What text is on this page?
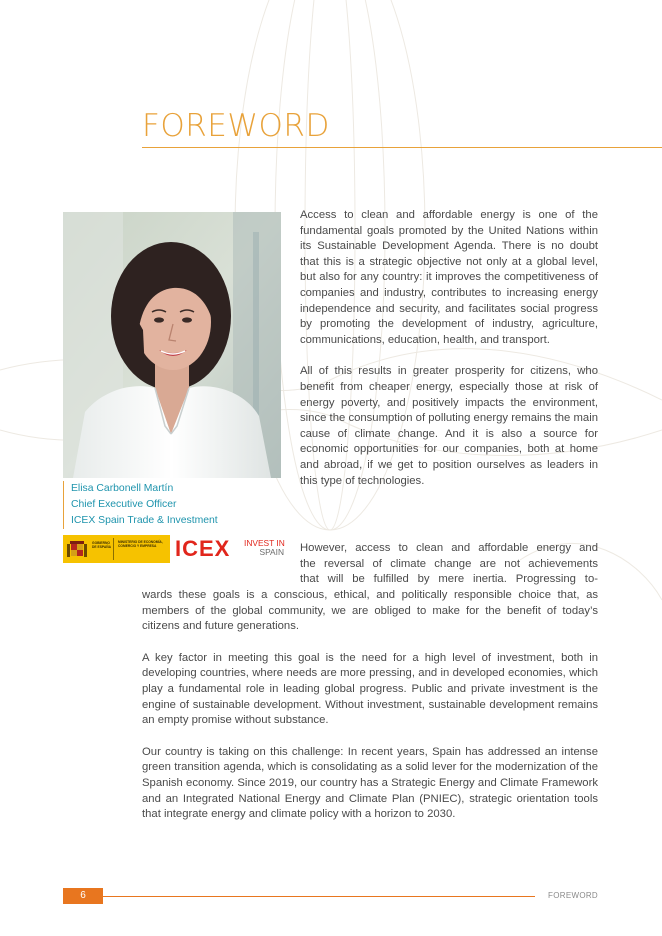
FOREWORD
Elisa Carbonell Martín
Chief Executive Officer
ICEX Spain Trade & Investment
GOBIERNO DE ESPAÑA
MINISTERIO DE ECONOMÍA, COMERCIO Y EMPRESA ICEX	INVEST IN
SPAIN

Access to clean and affordable energy is one of the fundamental goals promoted by the United Nations within its Sustainable Development Agenda. There is no doubt that this is a strategic objective not only at a global level, but also for any country: it improves the competitiveness of companies and industry, contributes to increasing energy independence and security, and facilitates social progress by promoting the development of industry, agriculture, communications, education, health, and transport.

All of this results in greater prosperity for citizens, who benefit from cheaper energy, especially those at risk of energy poverty, and positively impacts the environment, since the consumption of polluting energy remains the main cause of climate change. And it is also a source for economic opportunities for our companies, both at home and abroad, if we get to position ourselves as leaders in this type of technologies.

However, access to clean and affordable energy and
the reversal of climate change are not achievements
that will be fulfilled by mere inertia. Progressing to-

wards these goals is a conscious, ethical, and politically responsible choice that, as members of the global community, we are obliged to make for the benefit of today’s citizens and future generations.

A key factor in meeting this goal is the need for a high level of investment, both in developing countries, where needs are more pressing, and in developed economies, which play a fundamental role in leading global progress. Public and private investment is the engine of sustainable development. Without investment, sustainable development remains an empty promise without substance.

Our country is taking on this challenge: In recent years, Spain has addressed an intense green transition agenda, which is consolidating as a solid lever for the modernization of the Spanish economy. Since 2019, our country has a Strategic Energy and Climate Framework and an Integrated National Energy and Climate Plan (PNIEC), strategic orientation tools that integrate energy and climate policy with a horizon to 2030.

6	FOREWORD
